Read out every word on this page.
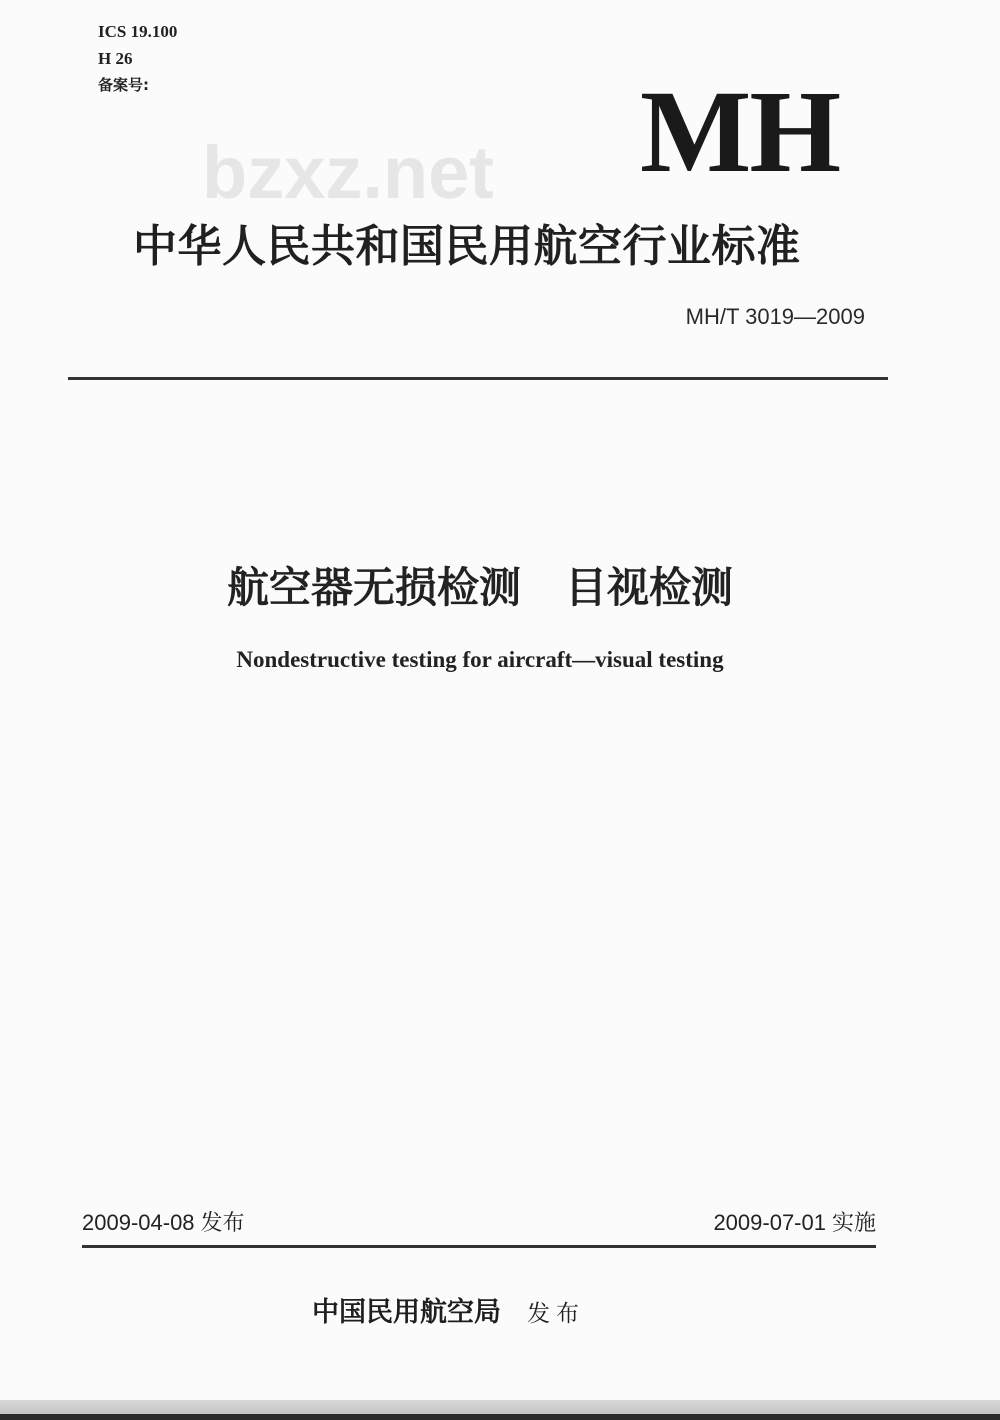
ICS 19.100
H 26
备案号:
bzxz.net MH
中华人民共和国民用航空行业标准
MH/T 3019—2009
航空器无损检测 目视检测
Nondestructive testing for aircraft—visual testing
2009-04-08 发布	2009-07-01 实施
中国民用航空局 发布
